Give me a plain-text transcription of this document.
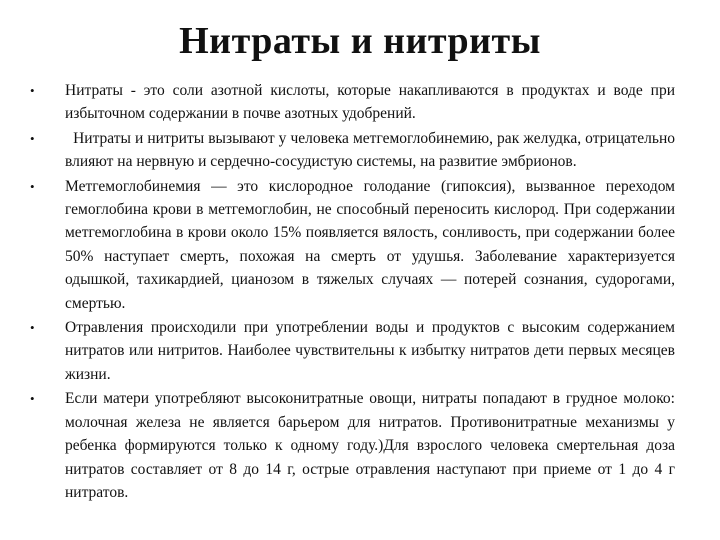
Нитраты и нитриты
•	Нитраты - это соли азотной кислоты, которые накапливаются в продуктах и воде при избыточном содержании в почве азотных удобрений.
•	Нитраты и нитриты вызывают у человека метгемоглобинемию, рак желудка, отрицательно влияют на нервную и сердечно-сосудистую системы, на развитие эмбрионов.
•	Метгемоглобинемия — это кислородное голодание (гипоксия), вызванное переходом гемоглобина крови в метгемоглобин, не способный переносить кислород. При содержании метгемоглобина в крови около 15% появляется вялость, сонливость, при содержании более 50% наступает смерть, похожая на смерть от удушья. Заболевание характеризуется одышкой, тахикардией, цианозом в тяжелых случаях — потерей сознания, судорогами, смертью.
•	Отравления происходили при употреблении воды и продуктов с высоким содержанием нитратов или нитритов. Наиболее чувствительны к избытку нитратов дети первых месяцев жизни.
•	Если матери употребляют высоконитратные овощи, нитраты попадают в грудное молоко: молочная железа не является барьером для нитратов. Противонитратные механизмы у ребенка формируются только к одному году.)Для взрослого человека смертельная доза нитратов составляет от 8 до 14 г, острые отравления наступают при приеме от 1 до 4 г нитратов.
